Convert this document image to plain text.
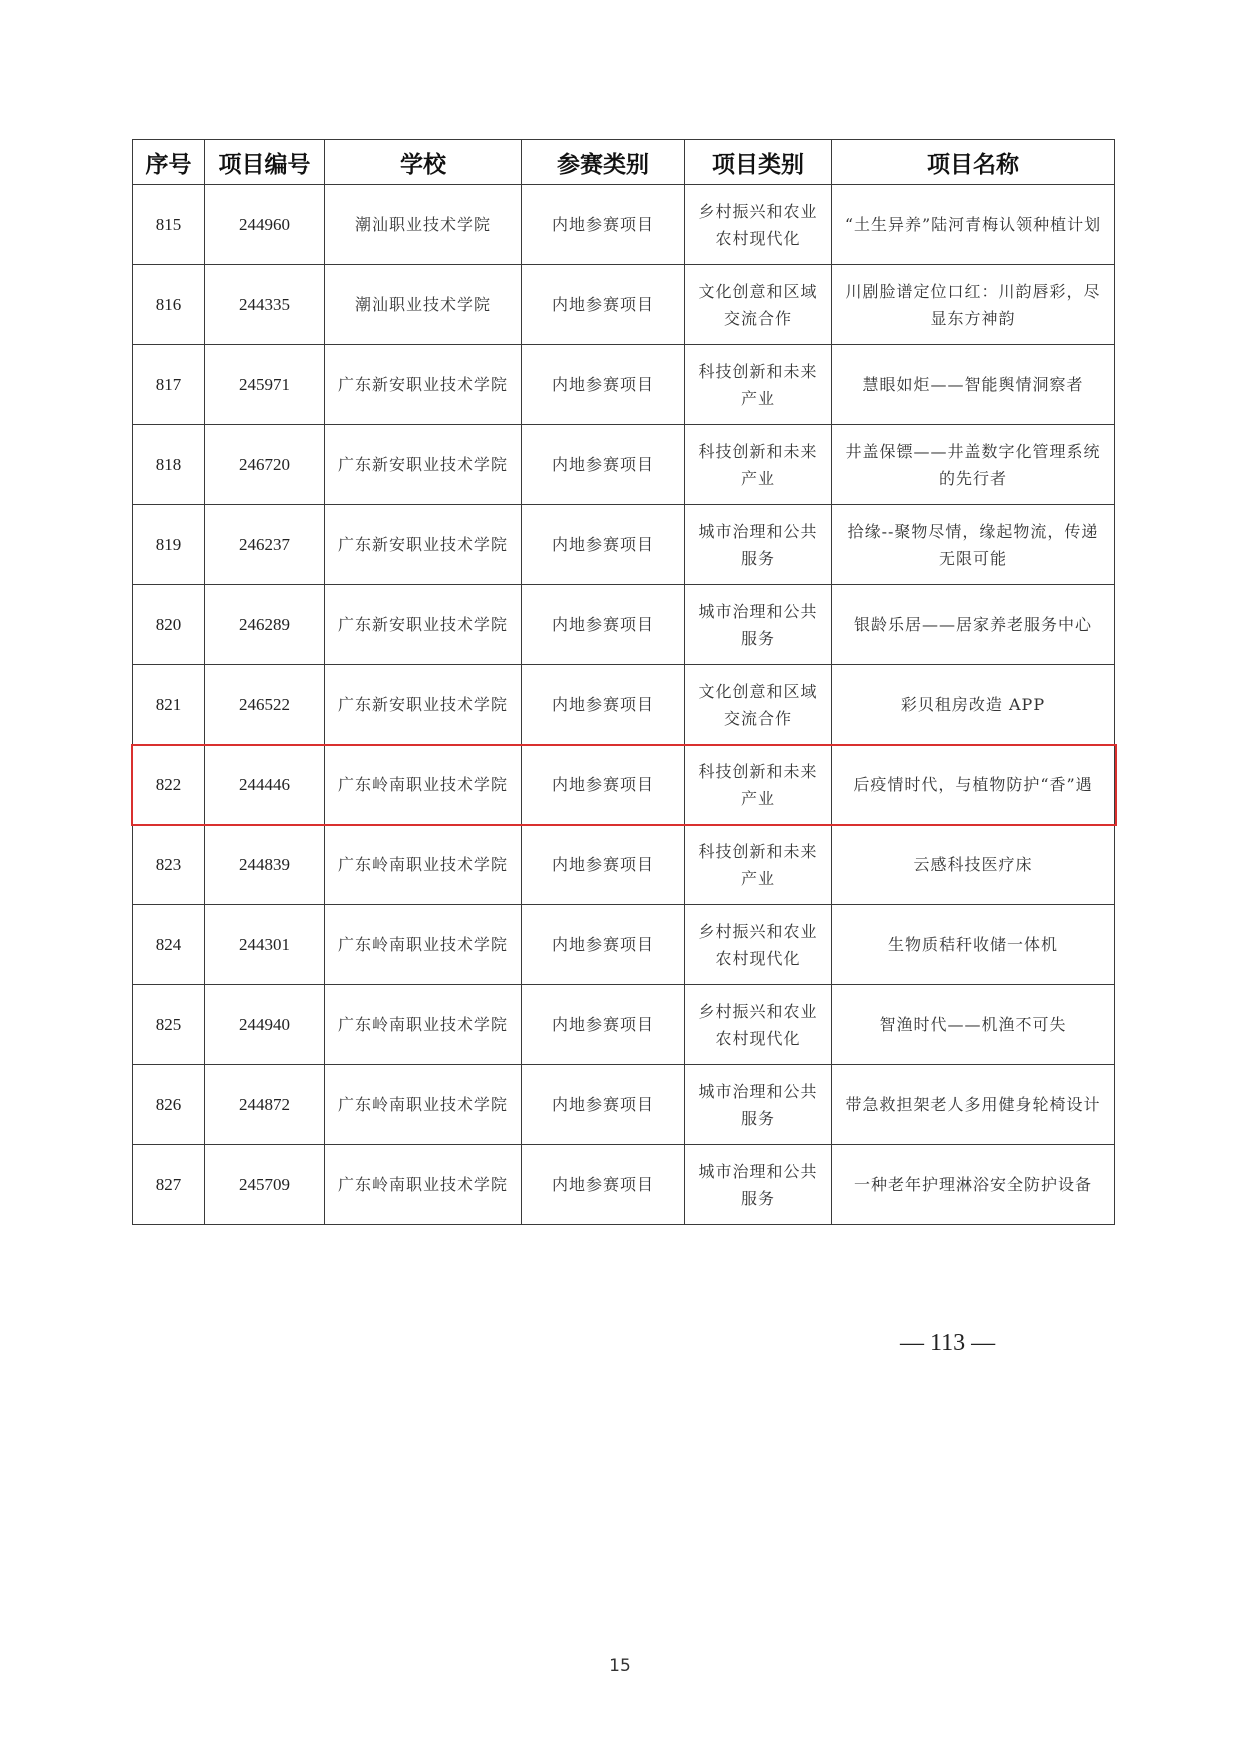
序号	项目编号	学校	参赛类别	项目类别	项目名称
815	244960	潮汕职业技术学院	内地参赛项目	乡村振兴和农业农村现代化	“土生异养”陆河青梅认领种植计划
816	244335	潮汕职业技术学院	内地参赛项目	文化创意和区域交流合作	川剧脸谱定位口红：川韵唇彩，尽显东方神韵
817	245971	广东新安职业技术学院	内地参赛项目	科技创新和未来产业	慧眼如炬——智能舆情洞察者
818	246720	广东新安职业技术学院	内地参赛项目	科技创新和未来产业	井盖保镖——井盖数字化管理系统的先行者
819	246237	广东新安职业技术学院	内地参赛项目	城市治理和公共服务	拾缘--聚物尽情，缘起物流，传递无限可能
820	246289	广东新安职业技术学院	内地参赛项目	城市治理和公共服务	银龄乐居——居家养老服务中心
821	246522	广东新安职业技术学院	内地参赛项目	文化创意和区域交流合作	彩贝租房改造 APP
822	244446	广东岭南职业技术学院	内地参赛项目	科技创新和未来产业	后疫情时代，与植物防护“香”遇
823	244839	广东岭南职业技术学院	内地参赛项目	科技创新和未来产业	云感科技医疗床
824	244301	广东岭南职业技术学院	内地参赛项目	乡村振兴和农业农村现代化	生物质秸秆收储一体机
825	244940	广东岭南职业技术学院	内地参赛项目	乡村振兴和农业农村现代化	智渔时代——机渔不可失
826	244872	广东岭南职业技术学院	内地参赛项目	城市治理和公共服务	带急救担架老人多用健身轮椅设计
827	245709	广东岭南职业技术学院	内地参赛项目	城市治理和公共服务	一种老年护理淋浴安全防护设备
— 113 —
15
